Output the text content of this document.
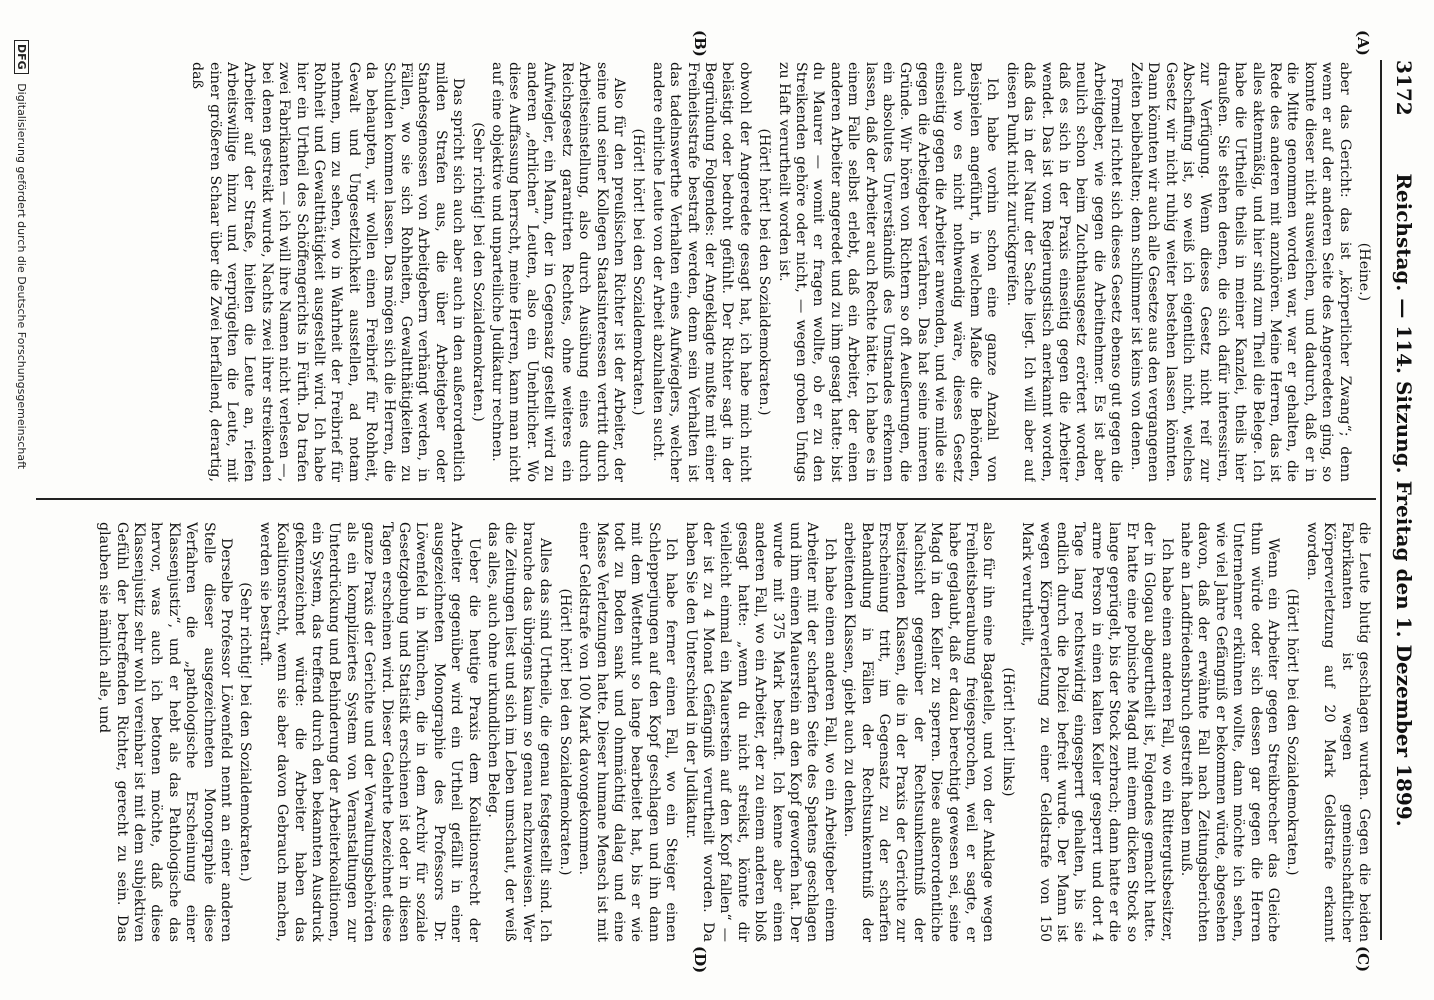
3172
Reichstag. — 114. Sitzung. Freitag den 1. Dezember 1899.
(A)
(B)
(C)
(D)

(Heine.)

aber das Gericht: das ist „körperlicher Zwang“; denn wenn er auf der anderen Seite des Angeredeten ging, so konnte dieser nicht ausweichen, und dadurch, daß er in die Mitte genommen worden war, war er gehalten, die Rede des anderen mit anzuhören. Meine Herren, das ist alles aktenmäßig, und hier sind zum Theil die Belege. Ich habe die Urtheile theils in meiner Kanzlei, theils hier draußen. Sie stehen denen, die sich dafür interessiren, zur Verfügung. Wenn dieses Gesetz nicht reif zur Abschaffung ist, so weiß ich eigentlich nicht, welches Gesetz wir nicht ruhig weiter bestehen lassen könnten. Dann könnten wir auch alle Gesetze aus den vergangenen Zeiten beibehalten; denn schlimmer ist keins von denen.

Formell richtet sich dieses Gesetz ebenso gut gegen die Arbeitgeber, wie gegen die Arbeitnehmer. Es ist aber neulich schon beim Zuchthausgesetz erörtert worden, daß es sich in der Praxis einseitig gegen die Arbeiter wendet. Das ist vom Regierungstisch anerkannt worden, daß das in der Natur der Sache liegt. Ich will aber auf diesen Punkt nicht zurückgreifen.

Ich habe vorhin schon eine ganze Anzahl von Beispielen angeführt, in welchem Maße die Behörden, auch wo es nicht nothwendig wäre, dieses Gesetz einseitig gegen die Arbeiter anwenden, und wie milde sie gegen die Arbeitgeber verfahren. Das hat seine inneren Gründe. Wir hören von Richtern so oft Aeußerungen, die ein absolutes Unverständniß des Umstandes erkennen lassen, daß der Arbeiter auch Rechte hätte. Ich habe es in einem Falle selbst erlebt, daß ein Arbeiter, der einen anderen Arbeiter angeredet und zu ihm gesagt hatte: bist du Maurer — womit er fragen wollte, ob er zu den Streikenden gehöre oder nicht, — wegen groben Unfugs zu Haft verurtheilt worden ist.

(Hört! hört! bei den Sozialdemokraten.)

obwohl der Angeredete gesagt hat, ich habe mich nicht belästigt oder bedroht gefühlt. Der Richter sagt in der Begründung Folgendes: der Angeklagte mußte mit einer Freiheitsstrafe bestraft werden, denn sein Verhalten ist das tadelnswerthe Verhalten eines Aufwieglers, welcher andere ehrliche Leute von der Arbeit abzuhalten sucht.

(Hört! hört! bei den Sozialdemokraten.)

Also für den preußischen Richter ist der Arbeiter, der seine und seiner Kollegen Staatsinteressen vertritt durch Arbeitseinstellung, also durch Ausübung eines durch Reichsgesetz garantirten Rechtes, ohne weiteres ein Aufwiegler, ein Mann, der in Gegensatz gestellt wird zu anderen „ehrlichen“ Leuten, also ein Unehrlicher. Wo diese Auffassung herrscht, meine Herren, kann man nicht auf eine objektive und unparteiliche Judikatur rechnen.

(Sehr richtig! bei den Sozialdemokraten.)

Das spricht sich auch aber auch in den außerordentlich milden Strafen aus, die über Arbeitgeber oder Standesgenossen von Arbeitgebern verhängt werden, in Fällen, wo sie sich Rohheiten, Gewaltthätigkeiten zu Schulden kommen lassen. Das mögen sich die Herren, die da behaupten, wir wollen einen Freibrief für Rohheit, Gewalt und Ungesetzlichkeit ausstellen, ad notam nehmen, um zu sehen, wo in Wahrheit der Freibrief für Rohheit und Gewaltthätigkeit ausgestellt wird. Ich habe hier ein Urtheil des Schöffengerichts in Fürth. Da trafen zwei Fabrikanten — ich will ihre Namen nicht verlesen —, bei denen gestreikt wurde, Nachts zwei ihrer streikenden Arbeiter auf der Straße, hielten die Leute an, riefen Arbeitswillige hinzu und verprügelten die Leute, mit einer größeren Schaar über die Zwei herfallend, derartig, daß

die Leute blutig geschlagen wurden. Gegen die beiden Fabrikanten ist wegen gemeinschaftlicher Körperverletzung auf 20 Mark Geldstrafe erkannt worden.

(Hört! hört! bei den Sozialdemokraten.)

Wenn ein Arbeiter gegen Streikbrecher das Gleiche thun würde oder sich dessen gar gegen die Herren Unternehmer erkühnen wollte, dann möchte ich sehen, wie viel Jahre Gefängniß er bekommen würde, abgesehen davon, daß der erwähnte Fall nach Zeitungsberichten nahe an Landfriedensbruch gestreift haben muß.

Ich habe einen anderen Fall, wo ein Rittergutsbesitzer, der in Glogau abgeurtheilt ist, Folgendes gemacht hatte. Er hatte eine polnische Magd mit einem dicken Stock so lange geprügelt, bis der Stock zerbrach; dann hatte er die arme Person in einen kalten Keller gesperrt und dort 4 Tage lang rechtswidrig eingesperrt gehalten, bis sie endlich durch die Polizei befreit wurde. Der Mann ist wegen Körperverletzung zu einer Geldstrafe von 150 Mark verurtheilt,

(Hört! hört! links)

also für ihn eine Bagatelle, und von der Anklage wegen Freiheitsberaubung freigesprochen, weil er sagte, er habe geglaubt, daß er dazu berechtigt gewesen sei, seine Magd in den Keller zu sperren. Diese außerordentliche Nachsicht gegenüber der Rechtsunkenntniß der besitzenden Klassen, die in der Praxis der Gerichte zur Erscheinung tritt, im Gegensatz zu der scharfen Behandlung in Fällen der Rechtsunkenntniß der arbeitenden Klassen, giebt auch zu denken.

Ich habe einen anderen Fall, wo ein Arbeitgeber einem Arbeiter mit der scharfen Seite des Spatens geschlagen und ihm einen Mauerstein an den Kopf geworfen hat. Der wurde mit 375 Mark bestraft. Ich kenne aber einen anderen Fall, wo ein Arbeiter, der zu einem anderen bloß gesagt hatte: „wenn du nicht streikst, könnte dir vielleicht einmal ein Mauerstein auf den Kopf fallen“ — der ist zu 4 Monat Gefängniß verurtheilt worden. Da haben Sie den Unterschied in der Judikatur.

Ich habe ferner einen Fall, wo ein Steiger einen Schlepperjungen auf den Kopf geschlagen und ihn dann mit dem Wetterhut so lange bearbeitet hat, bis er wie todt zu Boden sank und ohnmächtig dalag und eine Masse Verletzungen hatte. Dieser humane Mensch ist mit einer Geldstrafe von 100 Mark davongekommen.

(Hört! hört! bei den Sozialdemokraten.)

Alles das sind Urtheile, die genau festgestellt sind. Ich brauche das übrigens kaum so genau nachzuweisen. Wer die Zeitungen liest und sich im Leben umschaut, der weiß das alles, auch ohne urkundlichen Beleg.

Ueber die heutige Praxis dem Koalitionsrecht der Arbeiter gegenüber wird ein Urtheil gefällt in einer ausgezeichneten Monographie des Professors Dr. Löwenfeld in München, die in dem Archiv für soziale Gesetzgebung und Statistik erschienen ist oder in diesen Tagen erscheinen wird. Dieser Gelehrte bezeichnet diese ganze Praxis der Gerichte und der Verwaltungsbehörden als ein kompliziertes System von Veranstaltungen zur Unterdrückung und Behinderung der Arbeiterkoalitionen, ein System, das treffend durch den bekannten Ausdruck gekennzeichnet würde: die Arbeiter haben das Koalitionsrecht, wenn sie aber davon Gebrauch machen, werden sie bestraft.

(Sehr richtig! bei den Sozialdemokraten.)

Derselbe Professor Löwenfeld nennt an einer anderen Stelle dieser ausgezeichneten Monographie diese Verfahren die „pathologische Erscheinung einer Klassenjustiz“, und er hebt als das Pathologische das hervor, was auch ich betonen möchte, daß diese Klassenjustiz sehr wohl vereinbar ist mit dem subjektiven Gefühl der betreffenden Richter, gerecht zu sein. Das glauben sie nämlich alle, und

DFG Digitalisierung gefördert durch die Deutsche Forschungsgemeinschaft
